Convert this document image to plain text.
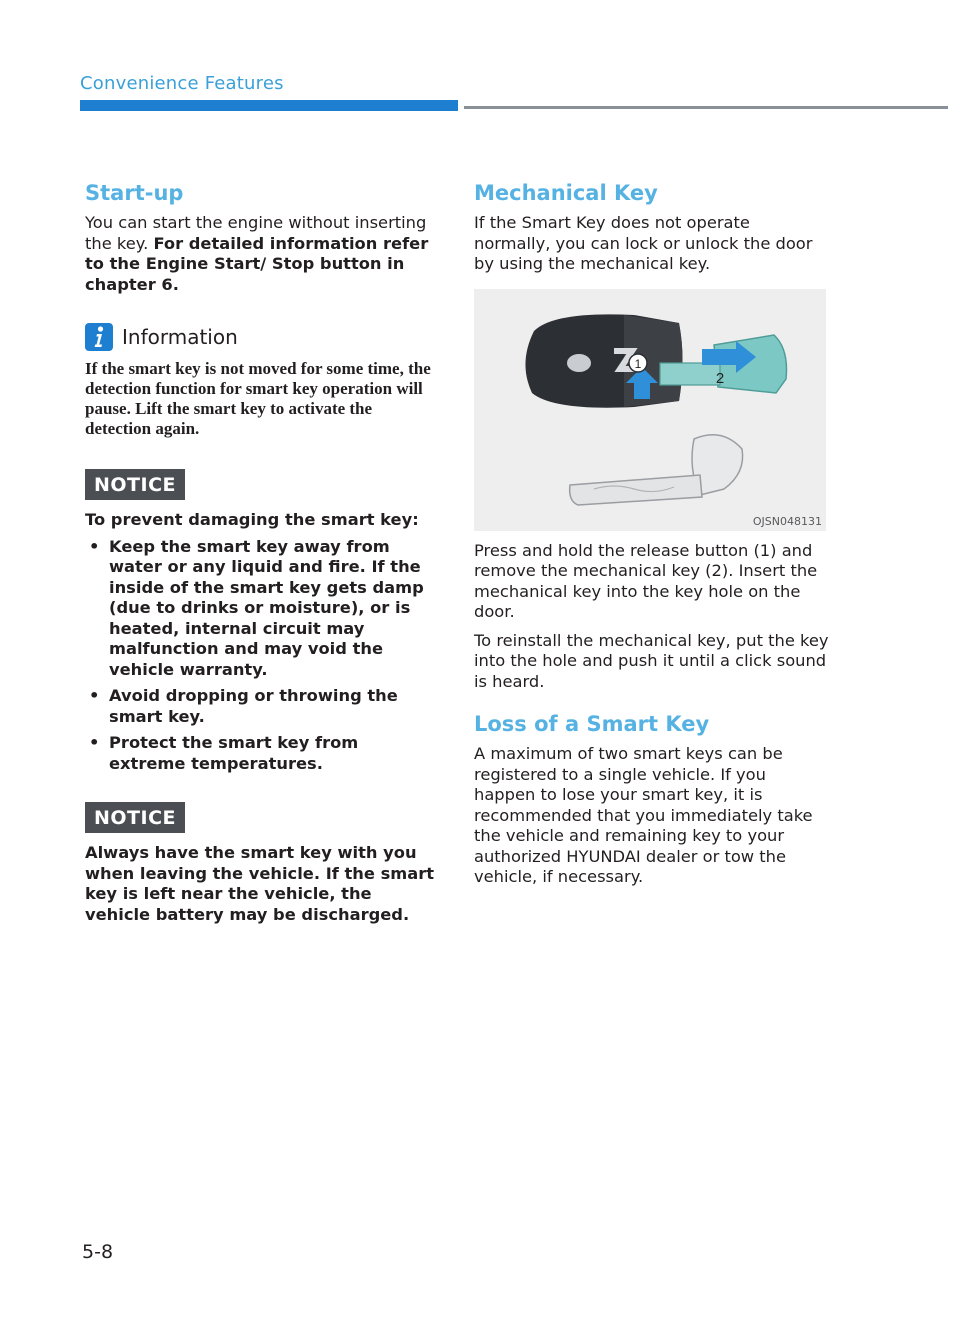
Convenience Features
Start-up

You can start the engine without inserting the key. For detailed information refer to the Engine Start/ Stop button in chapter 6.

Information

If the smart key is not moved for some time, the detection function for smart key operation will pause. Lift the smart key to activate the detection again.

NOTICE

To prevent damaging the smart key:

• Keep the smart key away from water or any liquid and fire. If the inside of the smart key gets damp (due to drinks or moisture), or is heated, internal circuit may malfunction and may void the vehicle warranty.
• Avoid dropping or throwing the smart key.
• Protect the smart key from extreme temperatures.
NOTICE

Always have the smart key with you when leaving the vehicle. If the smart key is left near the vehicle, the vehicle battery may be discharged.

Mechanical Key

If the Smart Key does not operate normally, you can lock or unlock the door by using the mechanical key.

1
2
OJSN048131

Press and hold the release button (1) and remove the mechanical key (2). Insert the mechanical key into the key hole on the door.

To reinstall the mechanical key, put the key into the hole and push it until a click sound is heard.

Loss of a Smart Key

A maximum of two smart keys can be registered to a single vehicle. If you happen to lose your smart key, it is recommended that you immediately take the vehicle and remaining key to your authorized HYUNDAI dealer or tow the vehicle, if necessary.

5-8
